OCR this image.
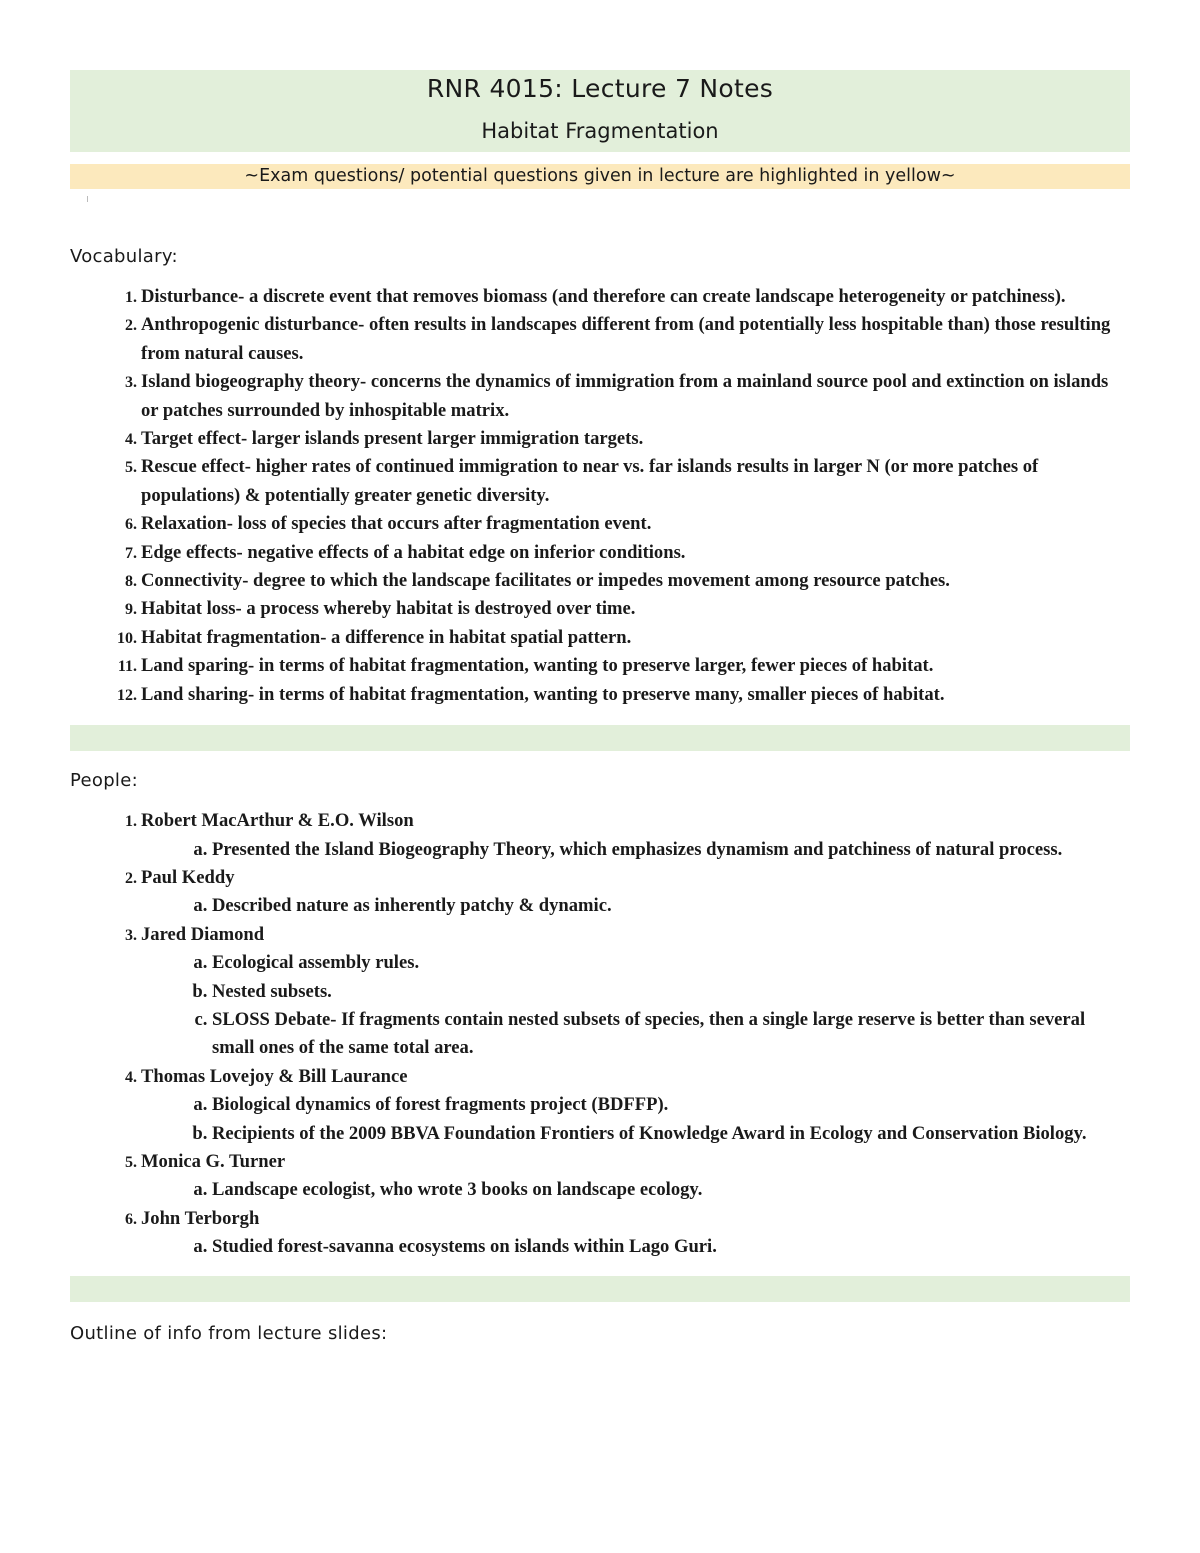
RNR 4015: Lecture 7 Notes
Habitat Fragmentation
~Exam questions/ potential questions given in lecture are highlighted in yellow~
Vocabulary:
1. Disturbance- a discrete event that removes biomass (and therefore can create landscape heterogeneity or patchiness).
2. Anthropogenic disturbance- often results in landscapes different from (and potentially less hospitable than) those resulting from natural causes.
3. Island biogeography theory- concerns the dynamics of immigration from a mainland source pool and extinction on islands or patches surrounded by inhospitable matrix.
4. Target effect- larger islands present larger immigration targets.
5. Rescue effect- higher rates of continued immigration to near vs. far islands results in larger N (or more patches of populations) & potentially greater genetic diversity.
6. Relaxation- loss of species that occurs after fragmentation event.
7. Edge effects- negative effects of a habitat edge on inferior conditions.
8. Connectivity- degree to which the landscape facilitates or impedes movement among resource patches.
9. Habitat loss- a process whereby habitat is destroyed over time.
10. Habitat fragmentation- a difference in habitat spatial pattern.
11. Land sparing- in terms of habitat fragmentation, wanting to preserve larger, fewer pieces of habitat.
12. Land sharing- in terms of habitat fragmentation, wanting to preserve many, smaller pieces of habitat.
People:
1. Robert MacArthur & E.O. Wilson
a. Presented the Island Biogeography Theory, which emphasizes dynamism and patchiness of natural process.
2. Paul Keddy
a. Described nature as inherently patchy & dynamic.
3. Jared Diamond
a. Ecological assembly rules.
b. Nested subsets.
c. SLOSS Debate- If fragments contain nested subsets of species, then a single large reserve is better than several small ones of the same total area.
4. Thomas Lovejoy & Bill Laurance
a. Biological dynamics of forest fragments project (BDFFP).
b. Recipients of the 2009 BBVA Foundation Frontiers of Knowledge Award in Ecology and Conservation Biology.
5. Monica G. Turner
a. Landscape ecologist, who wrote 3 books on landscape ecology.
6. John Terborgh
a. Studied forest-savanna ecosystems on islands within Lago Guri.
Outline of info from lecture slides:
